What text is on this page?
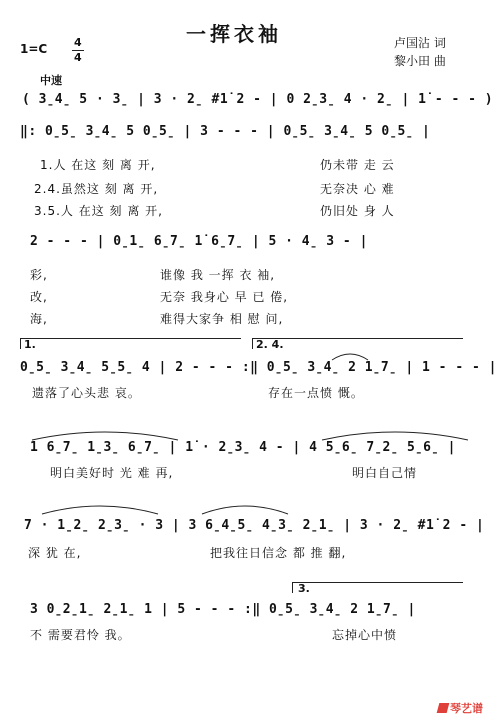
一挥衣袖
1=C 4
4
中速
卢国沾 词
黎小田 曲
( 3̱4̱ 5 · 3̱ | 3 · 2̱ #1̇ 2 - | 0 2̱3̱ 4 · 2̱ | 1̇ - - - )
‖: 0̱5̱ 3̱4̱ 5 0̱5̱ | 3 - - - | 0̱5̱ 3̱4̱ 5 0̱5̱ |
1.人 在这 刻 离 开,	仍未带 走 云
2.4.虽然这 刻 离 开,	无奈决 心 难
3.5.人 在这 刻 离 开,	仍旧处 身 人
2 - - - | 0̱1̱ 6̱7̱ 1̇ 6̱7̱ | 5 · 4̱ 3 - |
彩,	谁像 我 一挥 衣 袖,
改,	无奈 我身心 早 已 倦,
海,	难得大家争 相 慰 问,
1.	2. 4.
0̱5̱ 3̱4̱ 5̱5̱ 4 | 2 - - - :‖ 0̱5̱ 3̱4̱ 2 1̱7̱ | 1 - - - |
遗落了心头悲 哀。	存在一点愤 慨。
1 6̱7̱ 1̱3̱ 6̱7̱ | 1̇ · 2̱3̱ 4 - | 4 5̱6̱ 7̱2̱ 5̱6̱ |
明白美好时 光 难 再,	明白自己情
7 · 1̱2̱ 2̱3̱ · 3 | 3 6̱4̱5̱ 4̱3̱ 2̱1̱ | 3 · 2̱ #1̇ 2 - |
深 犹 在,	把我往日信念 都 推 翻,
3.
3 0̱2̱1̱ 2̱1̱ 1 | 5 - - - :‖ 0̱5̱ 3̱4̱ 2 1̱7̱ |
不 需要君怜 我。	忘掉心中愤
琴艺谱
